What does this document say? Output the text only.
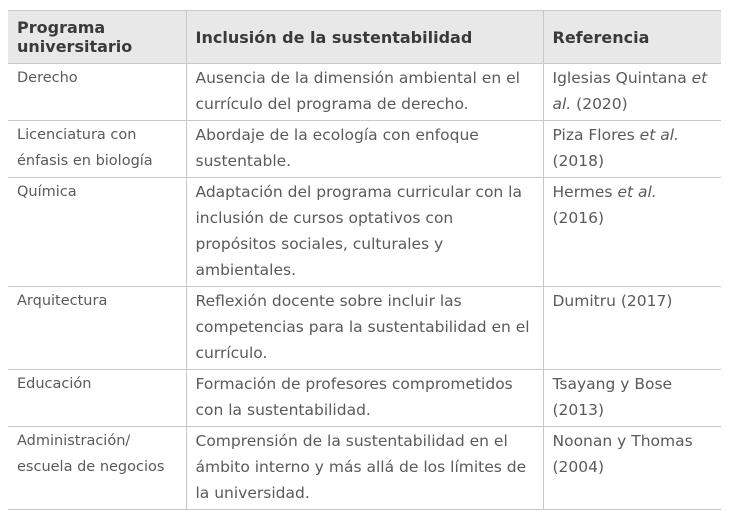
Programa universitario	Inclusión de la sustentabilidad	Referencia
Derecho	Ausencia de la dimensión ambiental en el currículo del programa de derecho.	Iglesias Quintana et al. (2020)
Licenciatura con énfasis en biología	Abordaje de la ecología con enfoque sustentable.	Piza Flores et al. (2018)
Química	Adaptación del programa curricular con la inclusión de cursos optativos con propósitos sociales, culturales y ambientales.	Hermes et al. (2016)
Arquitectura	Reflexión docente sobre incluir las competencias para la sustentabilidad en el currículo.	Dumitru (2017)
Educación	Formación de profesores comprometidos con la sustentabilidad.	Tsayang y Bose (2013)
Administración/ escuela de negocios	Comprensión de la sustentabilidad en el ámbito interno y más allá de los límites de la universidad.	Noonan y Thomas (2004)
